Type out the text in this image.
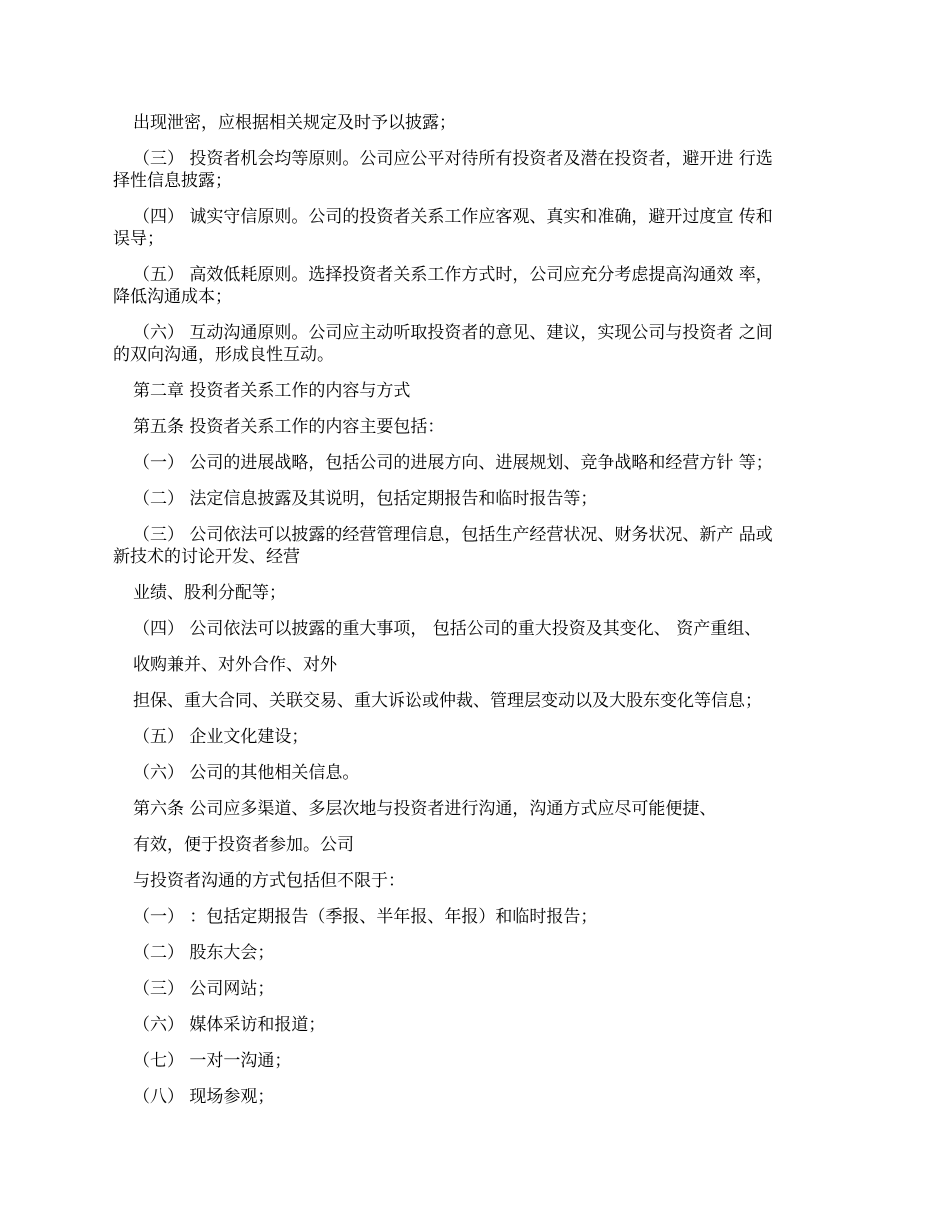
出现泄密，应根据相关规定及时予以披露；
（三） 投资者机会均等原则。公司应公平对待所有投资者及潜在投资者，避开进 行选
择性信息披露；
（四） 诚实守信原则。公司的投资者关系工作应客观、真实和准确，避开过度宣 传和
误导；
（五） 高效低耗原则。选择投资者关系工作方式时，公司应充分考虑提高沟通效 率，
降低沟通成本；
（六） 互动沟通原则。公司应主动听取投资者的意见、建议，实现公司与投资者 之间
的双向沟通，形成良性互动。
第二章 投资者关系工作的内容与方式
第五条 投资者关系工作的内容主要包括：
（一） 公司的进展战略，包括公司的进展方向、进展规划、竞争战略和经营方针 等；
（二） 法定信息披露及其说明，包括定期报告和临时报告等；
（三） 公司依法可以披露的经营管理信息，包括生产经营状况、财务状况、新产 品或
新技术的讨论开发、经营
业绩、股利分配等；
（四） 公司依法可以披露的重大事项， 包括公司的重大投资及其变化、 资产重组、
收购兼并、对外合作、对外
担保、重大合同、关联交易、重大诉讼或仲裁、管理层变动以及大股东变化等信息；
（五） 企业文化建设；
（六） 公司的其他相关信息。
第六条 公司应多渠道、多层次地与投资者进行沟通，沟通方式应尽可能便捷、
有效，便于投资者参加。公司
与投资者沟通的方式包括但不限于：
（一） ：包括定期报告（季报、半年报、年报）和临时报告；
（二） 股东大会；
（三） 公司网站；
（六） 媒体采访和报道；
（七） 一对一沟通；
（八） 现场参观；
